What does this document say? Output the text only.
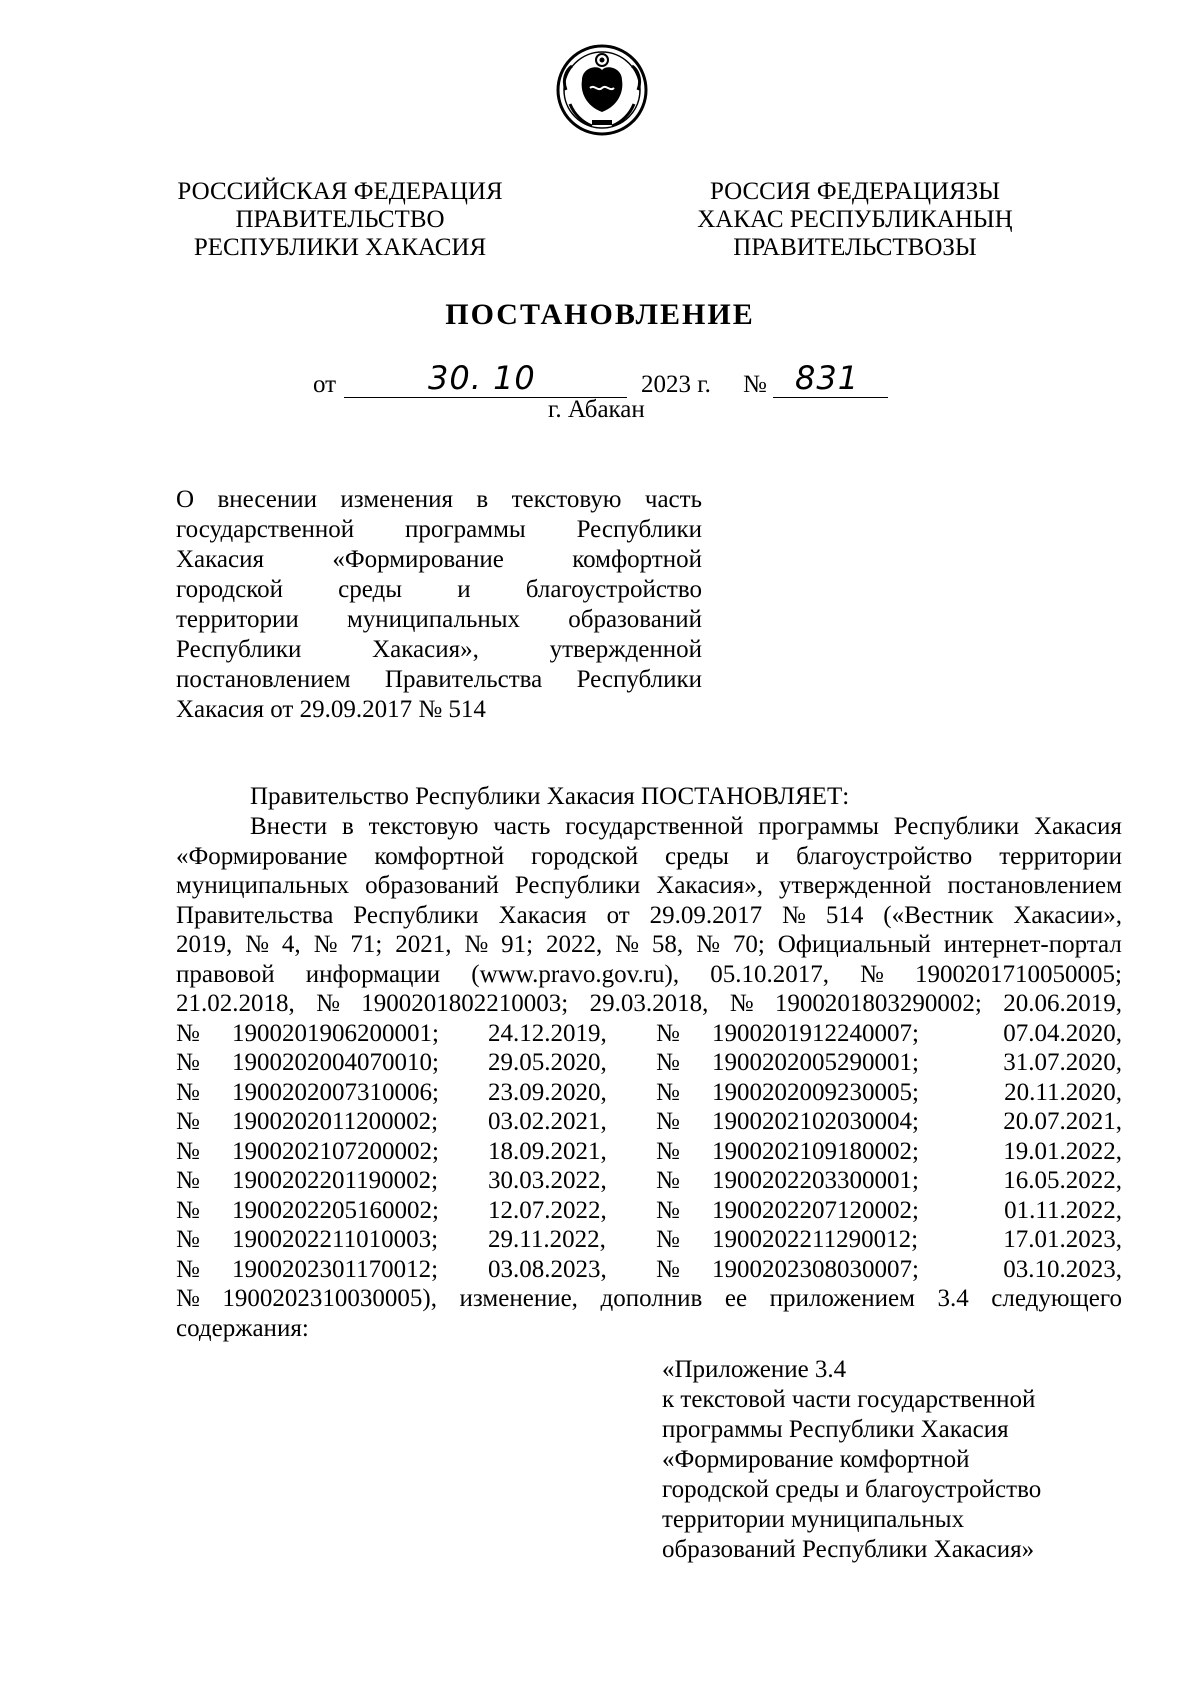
РОССИЙСКАЯ ФЕДЕРАЦИЯ
ПРАВИТЕЛЬСТВО
РЕСПУБЛИКИ ХАКАСИЯ
РОССИЯ ФЕДЕРАЦИЯЗЫ
ХАКАС РЕСПУБЛИКАНЫҢ
ПРАВИТЕЛЬСТВОЗЫ
ПОСТАНОВЛЕНИЕ
от	30. 10	2023 г. № 831
г. Абакан
О внесении изменения в текстовую часть
государственной программы Республики
Хакасия	«Формирование	комфортной
городской среды и благоустройство
территории муниципальных образований
Республики	Хакасия»,	утвержденной
постановлением Правительства Республики
Хакасия от 29.09.2017 № 514
Правительство Республики Хакасия ПОСТАНОВЛЯЕТ:
Внести в текстовую часть государственной программы Республики Хакасия
«Формирование комфортной городской среды и благоустройство территории
муниципальных образований Республики Хакасия», утвержденной постановлением
Правительства Республики Хакасия от 29.09.2017 № 514 («Вестник Хакасии»,
2019, № 4, № 71; 2021, № 91; 2022, № 58, № 70; Официальный интернет-портал
правовой информации (www.pravo.gov.ru), 05.10.2017, № 1900201710050005;
21.02.2018, № 1900201802210003; 29.03.2018, № 1900201803290002; 20.06.2019,
№	1900201906200001;	24.12.2019,	№	1900201912240007;	07.04.2020,
№	1900202004070010;	29.05.2020,	№	1900202005290001;	31.07.2020,
№	1900202007310006;	23.09.2020,	№	1900202009230005;	20.11.2020,
№	1900202011200002;	03.02.2021,	№	1900202102030004;	20.07.2021,
№	1900202107200002;	18.09.2021,	№	1900202109180002;	19.01.2022,
№	1900202201190002;	30.03.2022,	№	1900202203300001;	16.05.2022,
№	1900202205160002;	12.07.2022,	№	1900202207120002;	01.11.2022,
№	1900202211010003;	29.11.2022,	№	1900202211290012;	17.01.2023,
№	1900202301170012;	03.08.2023,	№	1900202308030007;	03.10.2023,
№ 1900202310030005), изменение, дополнив ее приложением 3.4 следующего
содержания:
«Приложение 3.4
к текстовой части государственной
программы Республики Хакасия
«Формирование комфортной
городской среды и благоустройство
территории муниципальных
образований Республики Хакасия»
